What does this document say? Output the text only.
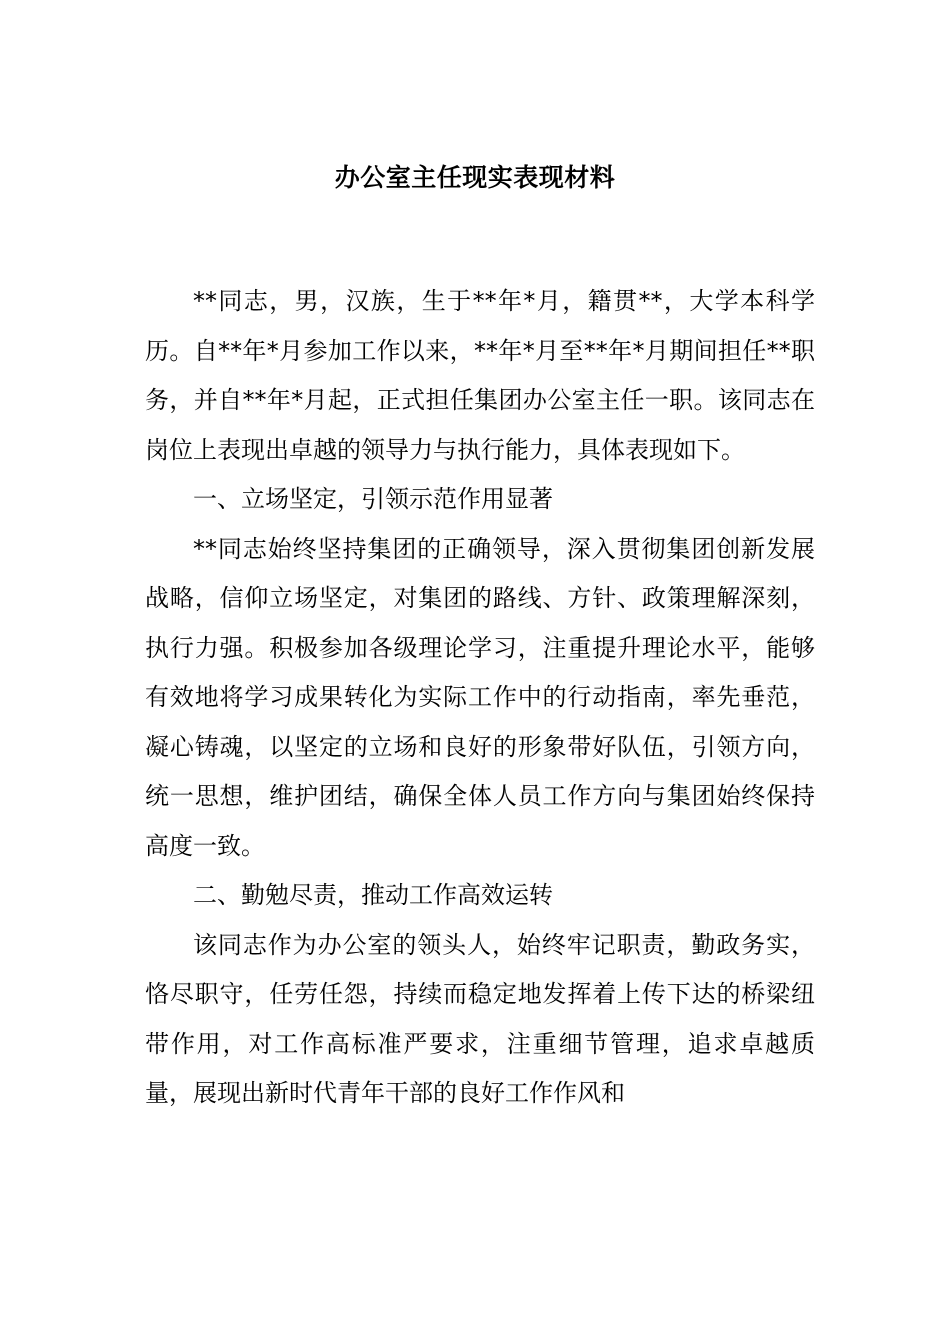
办公室主任现实表现材料

**同志，男，汉族，生于**年*月，籍贯**，大学本科学历。自**年*月参加工作以来，**年*月至**年*月期间担任**职务，并自**年*月起，正式担任集团办公室主任一职。该同志在岗位上表现出卓越的领导力与执行能力，具体表现如下。

一、立场坚定，引领示范作用显著

**同志始终坚持集团的正确领导，深入贯彻集团创新发展战略，信仰立场坚定，对集团的路线、方针、政策理解深刻，执行力强。积极参加各级理论学习，注重提升理论水平，能够有效地将学习成果转化为实际工作中的行动指南，率先垂范，凝心铸魂，以坚定的立场和良好的形象带好队伍，引领方向，统一思想，维护团结，确保全体人员工作方向与集团始终保持高度一致。

二、勤勉尽责，推动工作高效运转

该同志作为办公室的领头人，始终牢记职责，勤政务实，恪尽职守，任劳任怨，持续而稳定地发挥着上传下达的桥梁纽带作用，对工作高标准严要求，注重细节管理，追求卓越质量，展现出新时代青年干部的良好工作作风和
